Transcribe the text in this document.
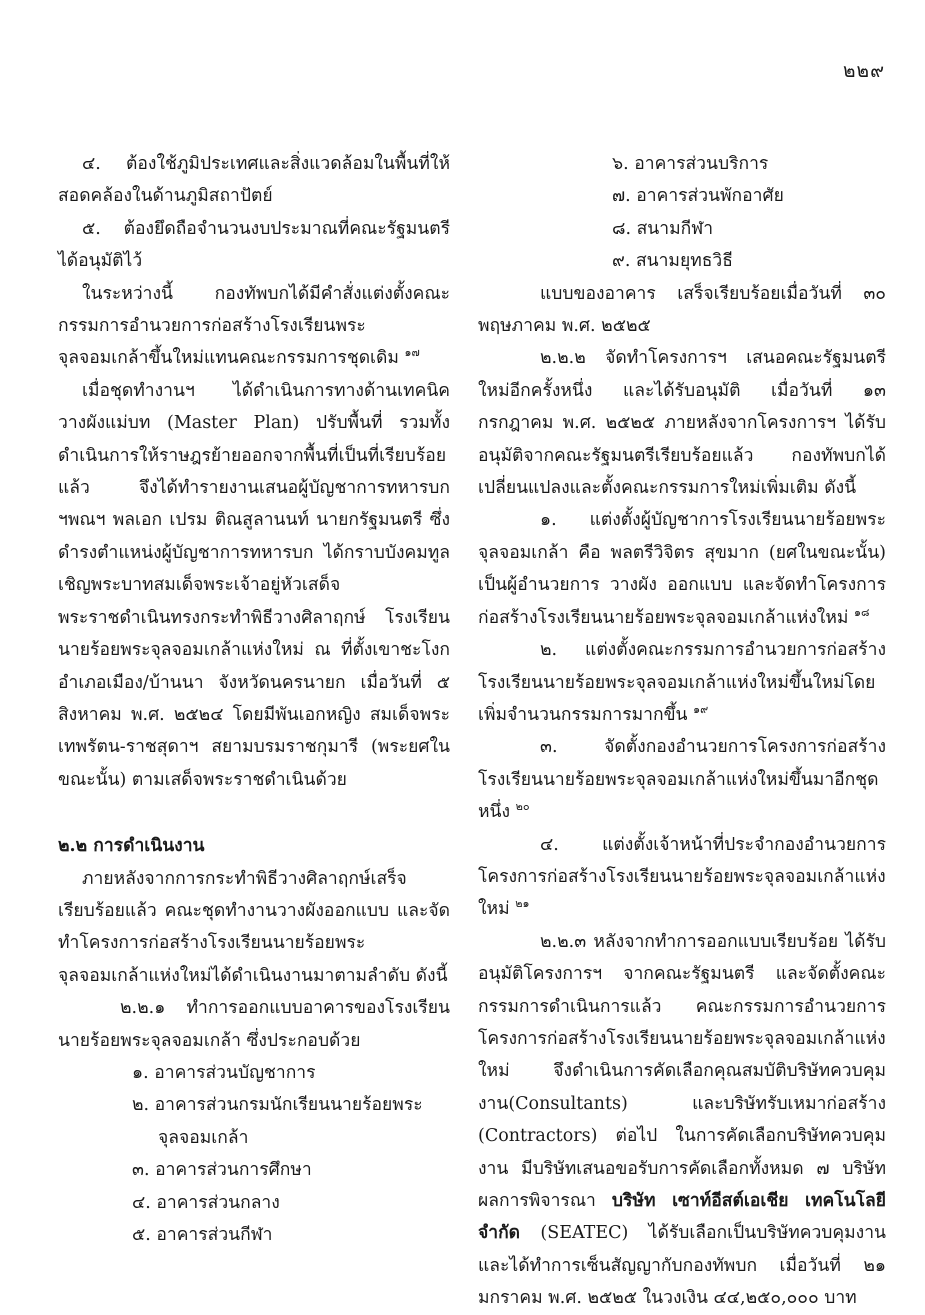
๒๒๙

๔. ต้องใช้ภูมิประเทศและสิ่งแวดล้อมในพื้นที่ให้สอดคล้องในด้านภูมิสถาปัตย์

๕. ต้องยึดถือจำนวนงบประมาณที่คณะรัฐมนตรีได้อนุมัติไว้

ในระหว่างนี้ กองทัพบกได้มีคำสั่งแต่งตั้งคณะกรรมการอำนวยการก่อสร้างโรงเรียนพระจุลจอมเกล้าขึ้นใหม่แทนคณะกรรมการชุดเดิม $^{๑๗}$

เมื่อชุดทำงานฯ ได้ดำเนินการทางด้านเทคนิค วางผังแม่บท (Master Plan) ปรับพื้นที่ รวมทั้งดำเนินการให้ราษฎรย้ายออกจากพื้นที่เป็นที่เรียบร้อยแล้ว จึงได้ทำรายงานเสนอผู้บัญชาการทหารบก ฯพณฯ พลเอก เปรม ติณสูลานนท์ นายกรัฐมนตรี ซึ่งดำรงตำแหน่งผู้บัญชาการทหารบก ได้กราบบังคมทูลเชิญพระบาทสมเด็จพระเจ้าอยู่หัวเสด็จพระราชดำเนินทรงกระทำพิธีวางศิลาฤกษ์ โรงเรียนนายร้อยพระจุลจอมเกล้าแห่งใหม่ ณ ที่ตั้งเขาชะโงก อำเภอเมือง/บ้านนา จังหวัดนครนายก เมื่อวันที่ ๕ สิงหาคม พ.ศ. ๒๕๒๔ โดยมีพันเอกหญิง สมเด็จพระเทพรัตน-ราชสุดาฯ สยามบรมราชกุมารี (พระยศในขณะนั้น) ตามเสด็จพระราชดำเนินด้วย

๒.๒ การดำเนินงาน

ภายหลังจากการกระทำพิธีวางศิลาฤกษ์เสร็จเรียบร้อยแล้ว คณะชุดทำงานวางผังออกแบบ และจัดทำโครงการก่อสร้างโรงเรียนนายร้อยพระจุลจอมเกล้าแห่งใหม่ได้ดำเนินงานมาตามลำดับ ดังนี้

๒.๒.๑ ทำการออกแบบอาคารของโรงเรียนนายร้อยพระจุลจอมเกล้า ซึ่งประกอบด้วย

๑. อาคารส่วนบัญชาการ

๒. อาคารส่วนกรมนักเรียนนายร้อยพระจุลจอมเกล้า

๓. อาคารส่วนการศึกษา

๔. อาคารส่วนกลาง

๕. อาคารส่วนกีฬา

๖. อาคารส่วนบริการ

๗. อาคารส่วนพักอาศัย

๘. สนามกีฬา

๙. สนามยุทธวิธี

แบบของอาคาร เสร็จเรียบร้อยเมื่อวันที่ ๓๐ พฤษภาคม พ.ศ. ๒๕๒๕

๒.๒.๒ จัดทำโครงการฯ เสนอคณะรัฐมนตรีใหม่อีกครั้งหนึ่ง และได้รับอนุมัติ เมื่อวันที่ ๑๓ กรกฎาคม พ.ศ. ๒๕๒๕ ภายหลังจากโครงการฯ ได้รับอนุมัติจากคณะรัฐมนตรีเรียบร้อยแล้ว กองทัพบกได้เปลี่ยนแปลงและตั้งคณะกรรมการใหม่เพิ่มเติม ดังนี้

๑. แต่งตั้งผู้บัญชาการโรงเรียนนายร้อยพระจุลจอมเกล้า คือ พลตรีวิจิตร สุขมาก (ยศในขณะนั้น) เป็นผู้อำนวยการ วางผัง ออกแบบ และจัดทำโครงการก่อสร้างโรงเรียนนายร้อยพระจุลจอมเกล้าแห่งใหม่ $^{๑๘}$

๒. แต่งตั้งคณะกรรมการอำนวยการก่อสร้างโรงเรียนนายร้อยพระจุลจอมเกล้าแห่งใหม่ขึ้นใหม่โดยเพิ่มจำนวนกรรมการมากขึ้น $^{๑๙}$

๓. จัดตั้งกองอำนวยการโครงการก่อสร้างโรงเรียนนายร้อยพระจุลจอมเกล้าแห่งใหม่ขึ้นมาอีกชุดหนึ่ง $^{๒๐}$

๔. แต่งตั้งเจ้าหน้าที่ประจำกองอำนวยการโครงการก่อสร้างโรงเรียนนายร้อยพระจุลจอมเกล้าแห่งใหม่ $^{๒๑}$

๒.๒.๓ หลังจากทำการออกแบบเรียบร้อย ได้รับอนุมัติโครงการฯ จากคณะรัฐมนตรี และจัดตั้งคณะกรรมการดำเนินการแล้ว คณะกรรมการอำนวยการโครงการก่อสร้างโรงเรียนนายร้อยพระจุลจอมเกล้าแห่งใหม่ จึงดำเนินการคัดเลือกคุณสมบัติบริษัทควบคุมงาน(Consultants) และบริษัทรับเหมาก่อสร้าง (Contractors) ต่อไป ในการคัดเลือกบริษัทควบคุมงาน มีบริษัทเสนอขอรับการคัดเลือกทั้งหมด ๗ บริษัท ผลการพิจารณา บริษัท เซาท์อีสต์เอเชีย เทคโนโลยี จำกัด (SEATEC) ได้รับเลือกเป็นบริษัทควบคุมงานและได้ทำการเซ็นสัญญากับกองทัพบก เมื่อวันที่ ๒๑ มกราคม พ.ศ. ๒๕๒๕ ในวงเงิน ๔๔,๒๕๐,๐๐๐ บาท
